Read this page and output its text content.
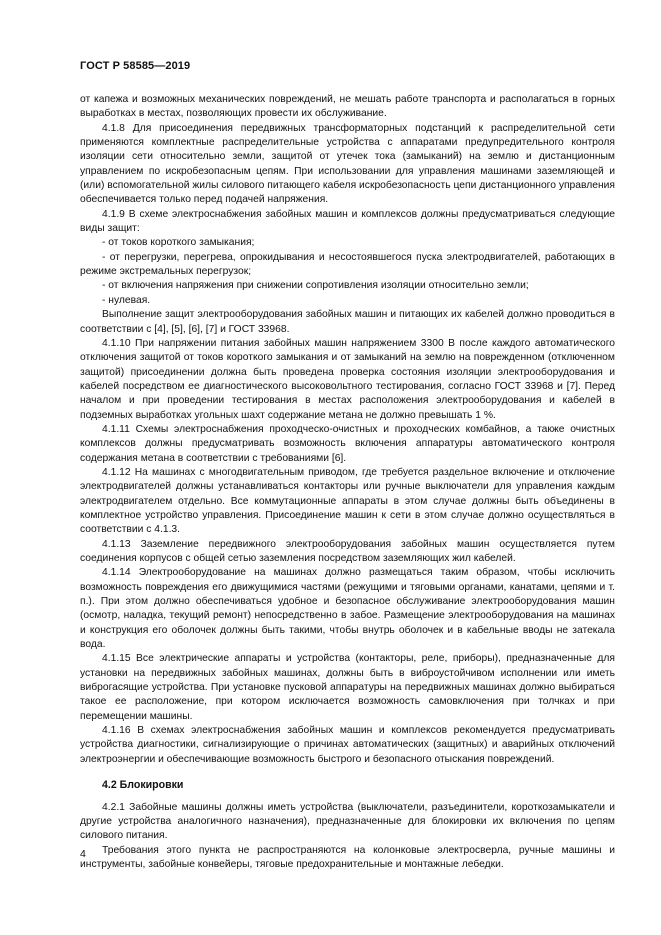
ГОСТ Р 58585—2019

от капежа и возможных механических повреждений, не мешать работе транспорта и располагаться в горных выработках в местах, позволяющих провести их обслуживание.

4.1.8 Для присоединения передвижных трансформаторных подстанций к распределительной сети применяются комплектные распределительные устройства с аппаратами предупредительного контроля изоляции сети относительно земли, защитой от утечек тока (замыканий) на землю и дистанционным управлением по искробезопасным цепям. При использовании для управления машинами заземляющей и (или) вспомогательной жилы силового питающего кабеля искробезопасность цепи дистанционного управления обеспечивается только перед подачей напряжения.

4.1.9 В схеме электроснабжения забойных машин и комплексов должны предусматриваться следующие виды защит:

- от токов короткого замыкания;

- от перегрузки, перегрева, опрокидывания и несостоявшегося пуска электродвигателей, работающих в режиме экстремальных перегрузок;

- от включения напряжения при снижении сопротивления изоляции относительно земли;

- нулевая.

Выполнение защит электрооборудования забойных машин и питающих их кабелей должно проводиться в соответствии с [4], [5], [6], [7] и ГОСТ 33968.

4.1.10 При напряжении питания забойных машин напряжением 3300 В после каждого автоматического отключения защитой от токов короткого замыкания и от замыканий на землю на поврежденном (отключенном защитой) присоединении должна быть проведена проверка состояния изоляции электрооборудования и кабелей посредством ее диагностического высоковольтного тестирования, согласно ГОСТ 33968 и [7]. Перед началом и при проведении тестирования в местах расположения электрооборудования и кабелей в подземных выработках угольных шахт содержание метана не должно превышать 1 %.

4.1.11 Схемы электроснабжения проходческо-очистных и проходческих комбайнов, а также очистных комплексов должны предусматривать возможность включения аппаратуры автоматического контроля содержания метана в соответствии с требованиями [6].

4.1.12 На машинах с многодвигательным приводом, где требуется раздельное включение и отключение электродвигателей должны устанавливаться контакторы или ручные выключатели для управления каждым электродвигателем отдельно. Все коммутационные аппараты в этом случае должны быть объединены в комплектное устройство управления. Присоединение машин к сети в этом случае должно осуществляться в соответствии с 4.1.3.

4.1.13 Заземление передвижного электрооборудования забойных машин осуществляется путем соединения корпусов с общей сетью заземления посредством заземляющих жил кабелей.

4.1.14 Электрооборудование на машинах должно размещаться таким образом, чтобы исключить возможность повреждения его движущимися частями (режущими и тяговыми органами, канатами, цепями и т. п.). При этом должно обеспечиваться удобное и безопасное обслуживание электрооборудования машин (осмотр, наладка, текущий ремонт) непосредственно в забое. Размещение электрооборудования на машинах и конструкция его оболочек должны быть такими, чтобы внутрь оболочек и в кабельные вводы не затекала вода.

4.1.15 Все электрические аппараты и устройства (контакторы, реле, приборы), предназначенные для установки на передвижных забойных машинах, должны быть в виброустойчивом исполнении или иметь виброгасящие устройства. При установке пусковой аппаратуры на передвижных машинах должно выбираться такое ее расположение, при котором исключается возможность самовключения при толчках и при перемещении машины.

4.1.16 В схемах электроснабжения забойных машин и комплексов рекомендуется предусматривать устройства диагностики, сигнализирующие о причинах автоматических (защитных) и аварийных отключений электроэнергии и обеспечивающие возможность быстрого и безопасного отыскания повреждений.

4.2 Блокировки

4.2.1 Забойные машины должны иметь устройства (выключатели, разъединители, короткозамыкатели и другие устройства аналогичного назначения), предназначенные для блокировки их включения по цепям силового питания.

Требования этого пункта не распространяются на колонковые электросверла, ручные машины и инструменты, забойные конвейеры, тяговые предохранительные и монтажные лебедки.

4
